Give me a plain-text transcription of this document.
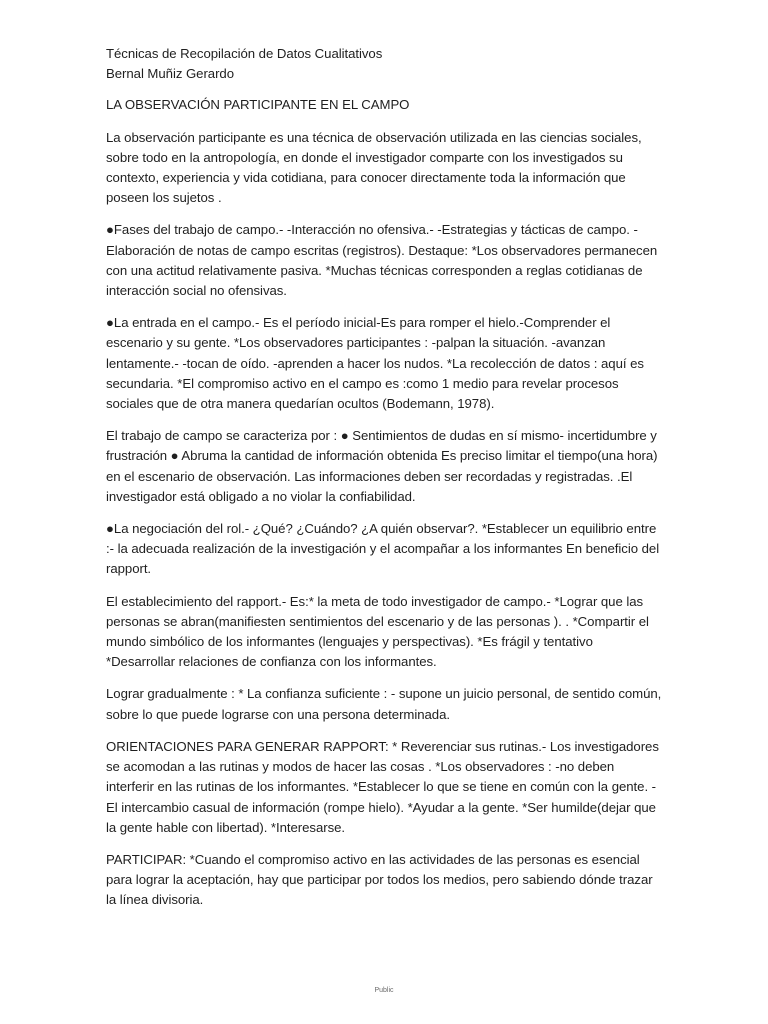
Técnicas de Recopilación de Datos Cualitativos

Bernal Muñiz Gerardo

LA OBSERVACIÓN PARTICIPANTE EN EL CAMPO

La observación participante es una técnica de observación utilizada en las ciencias sociales, sobre todo en la antropología, en donde el investigador comparte con los investigados su contexto, experiencia y vida cotidiana, para conocer directamente toda la información que poseen los sujetos .

●Fases del trabajo de campo.- -Interacción no ofensiva.- -Estrategias y tácticas de campo. -Elaboración de notas de campo escritas (registros). Destaque: *Los observadores permanecen con una actitud relativamente pasiva. *Muchas técnicas corresponden a reglas cotidianas de interacción social no ofensivas.

●La entrada en el campo.- Es el período inicial-Es para romper el hielo.-Comprender el escenario y su gente. *Los observadores participantes : -palpan la situación. -avanzan lentamente.- -tocan de oído. -aprenden a hacer los nudos. *La recolección de datos : aquí es secundaria. *El compromiso activo en el campo es :como 1 medio para revelar procesos sociales que de otra manera quedarían ocultos (Bodemann, 1978).

El trabajo de campo se caracteriza por : ● Sentimientos de dudas en sí mismo- incertidumbre y frustración ● Abruma la cantidad de información obtenida Es preciso limitar el tiempo(una hora) en el escenario de observación. Las informaciones deben ser recordadas y registradas. .El investigador está obligado a no violar la confiabilidad.

●La negociación del rol.- ¿Qué? ¿Cuándo? ¿A quién observar?. *Establecer un equilibrio entre :- la adecuada realización de la investigación y el acompañar a los informantes En beneficio del rapport.

El establecimiento del rapport.- Es:* la meta de todo investigador de campo.- *Lograr que las personas se abran(manifiesten sentimientos del escenario y de las personas ). . *Compartir el mundo simbólico de los informantes (lenguajes y perspectivas). *Es frágil y tentativo *Desarrollar relaciones de confianza con los informantes.

Lograr gradualmente : * La confianza suficiente : - supone un juicio personal, de sentido común, sobre lo que puede lograrse con una persona determinada.

ORIENTACIONES PARA GENERAR RAPPORT: * Reverenciar sus rutinas.- Los investigadores se acomodan a las rutinas y modos de hacer las cosas . *Los observadores : -no deben interferir en las rutinas de los informantes. *Establecer lo que se tiene en común con la gente. -El intercambio casual de información (rompe hielo). *Ayudar a la gente. *Ser humilde(dejar que la gente hable con libertad). *Interesarse.

PARTICIPAR: *Cuando el compromiso activo en las actividades de las personas es esencial para lograr la aceptación, hay que participar por todos los medios, pero sabiendo dónde trazar la línea divisoria.

Public
